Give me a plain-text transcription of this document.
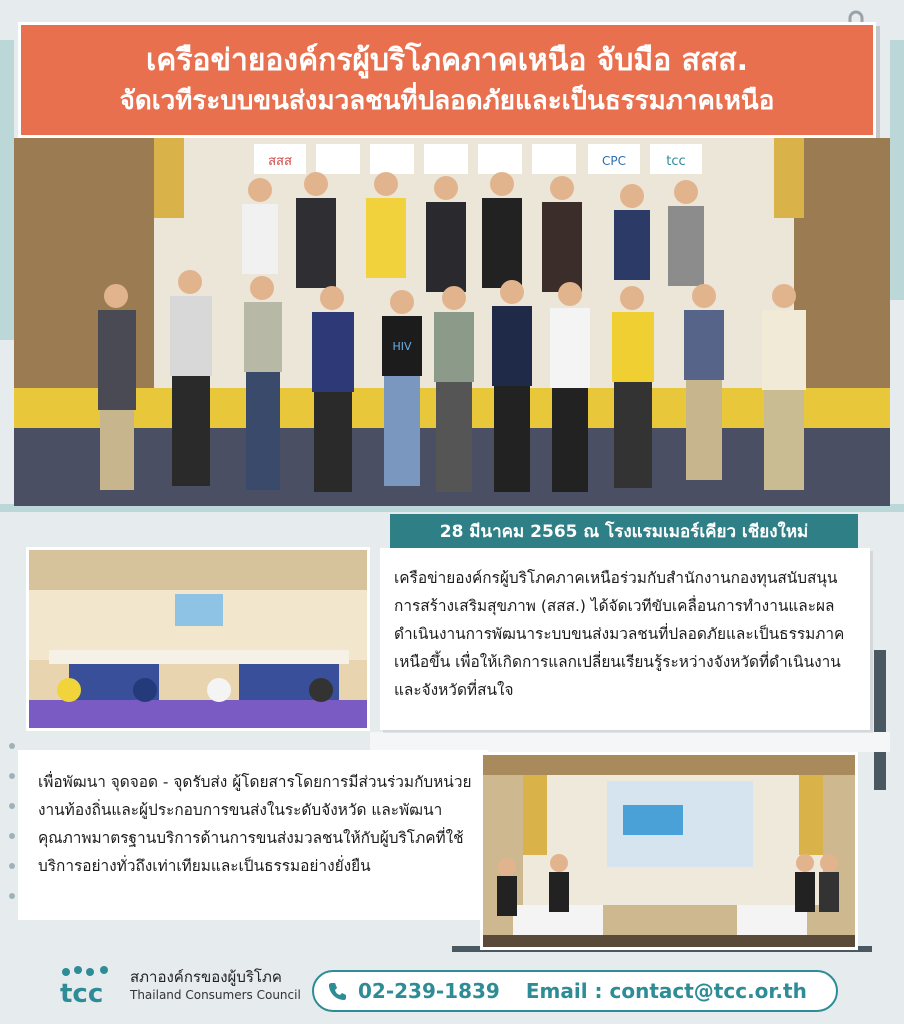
เครือข่ายองค์กรผู้บริโภคภาคเหนือ จับมือ สสส.
จัดเวทีระบบขนส่งมวลชนที่ปลอดภัยและเป็นธรรมภาคเหนือ
สสส	CPC	tcc
HIV
28 มีนาคม 2565 ณ โรงแรมเมอร์เคียว เชียงใหม่

เครือข่ายองค์กรผู้บริโภคภาคเหนือร่วมกับสำนักงานกองทุนสนับสนุนการสร้างเสริมสุขภาพ (สสส.) ได้จัดเวทีขับเคลื่อนการทำงานและผลดำเนินงานการพัฒนาระบบขนส่งมวลชนที่ปลอดภัยและเป็นธรรมภาคเหนือขึ้น เพื่อให้เกิดการแลกเปลี่ยนเรียนรู้ระหว่างจังหวัดที่ดำเนินงานและจังหวัดที่สนใจ

เพื่อพัฒนา จุดจอด - จุดรับส่ง ผู้โดยสารโดยการมีส่วนร่วมกับหน่วยงานท้องถิ่นและผู้ประกอบการขนส่งในระดับจังหวัด และพัฒนาคุณภาพมาตรฐานบริการด้านการขนส่งมวลชนให้กับผู้บริโภคที่ใช้บริการอย่างทั่วถึงเท่าเทียมและเป็นธรรมอย่างยั่งยืน

tcc
สภาองค์กรของผู้บริโภค
Thailand Consumers Council	02-239-1839 Email : contact@tcc.or.th
